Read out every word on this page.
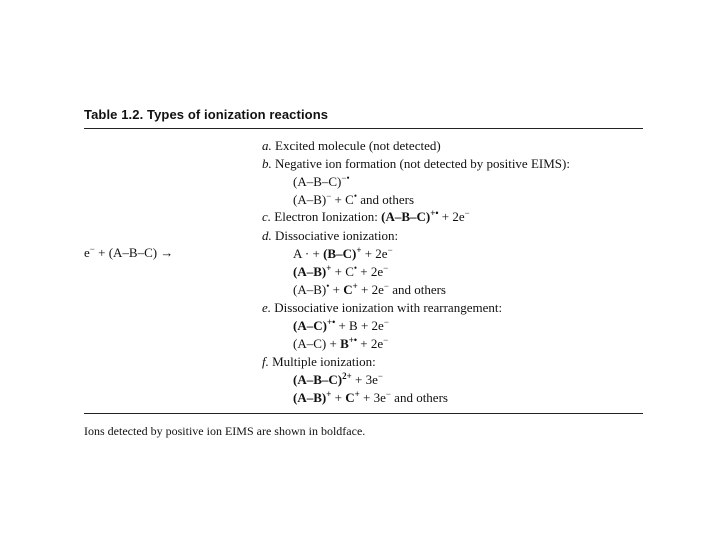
Table 1.2. Types of ionization reactions
e− + (A–B–C) →
a. Excited molecule (not detected)
b. Negative ion formation (not detected by positive EIMS):
(A–B–C)−•
(A–B)− + C• and others
c. Electron Ionization: (A–B–C)+• + 2e−
d. Dissociative ionization:
A · + (B–C)+ + 2e−
(A–B)+ + C• + 2e−
(A–B)• + C+ + 2e− and others
e. Dissociative ionization with rearrangement:
(A–C)+• + B + 2e−
(A–C) + B+• + 2e−
f. Multiple ionization:
$(A-B-C)^{2+} + 3e^-$
(A–B)+ + C+ + 3e− and others
Ions detected by positive ion EIMS are shown in boldface.
